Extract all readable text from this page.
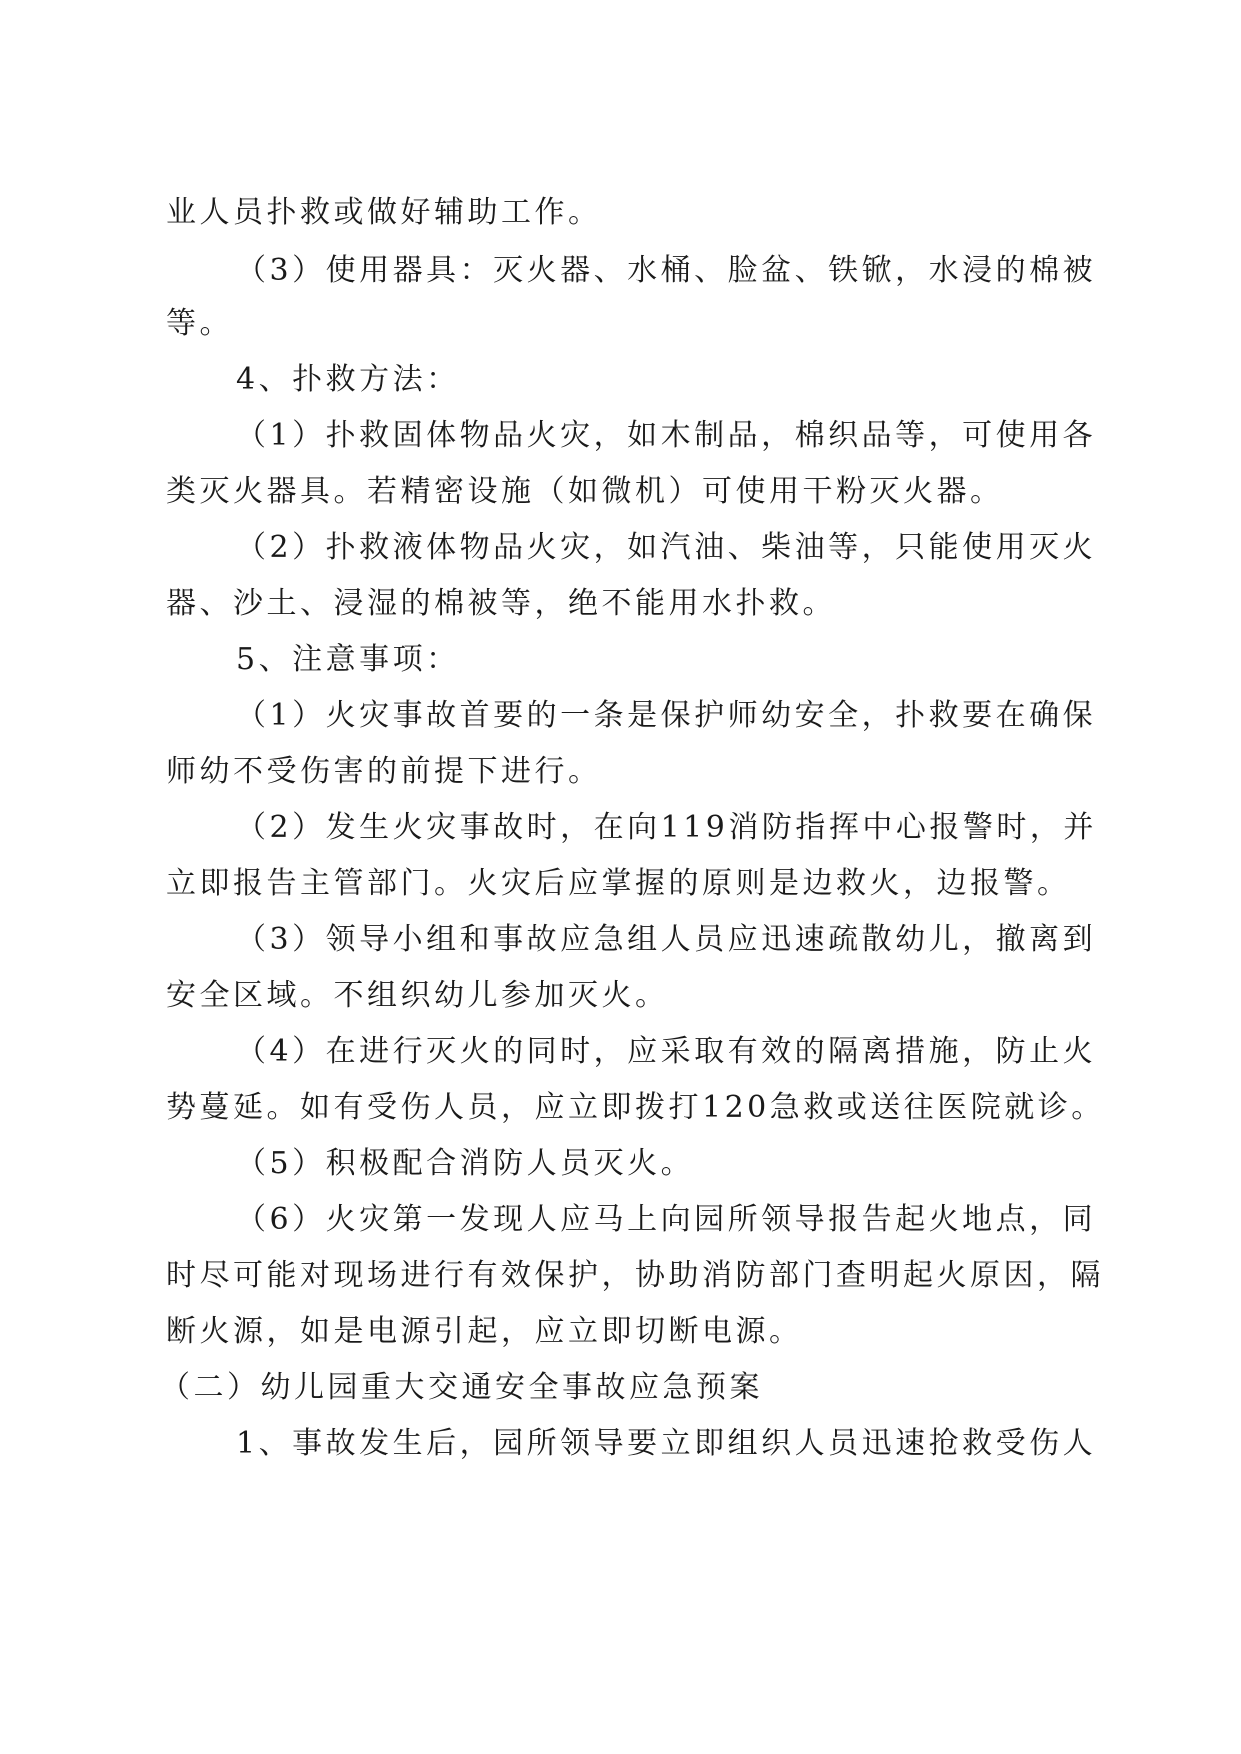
业人员扑救或做好辅助工作。
（3）使用器具：灭火器、水桶、脸盆、铁锨，水浸的棉被
等。
4、扑救方法：
（1）扑救固体物品火灾，如木制品，棉织品等，可使用各
类灭火器具。若精密设施（如微机）可使用干粉灭火器。
（2）扑救液体物品火灾，如汽油、柴油等，只能使用灭火
器、沙土、浸湿的棉被等，绝不能用水扑救。
5、注意事项：
（1）火灾事故首要的一条是保护师幼安全，扑救要在确保
师幼不受伤害的前提下进行。
（2）发生火灾事故时，在向119消防指挥中心报警时，并
立即报告主管部门。火灾后应掌握的原则是边救火，边报警。
（3）领导小组和事故应急组人员应迅速疏散幼儿，撤离到
安全区域。不组织幼儿参加灭火。
（4）在进行灭火的同时，应采取有效的隔离措施，防止火
势蔓延。如有受伤人员，应立即拨打120急救或送往医院就诊。
（5）积极配合消防人员灭火。
（6）火灾第一发现人应马上向园所领导报告起火地点，同
时尽可能对现场进行有效保护，协助消防部门查明起火原因，隔
断火源，如是电源引起，应立即切断电源。
（二）幼儿园重大交通安全事故应急预案
1、事故发生后，园所领导要立即组织人员迅速抢救受伤人
